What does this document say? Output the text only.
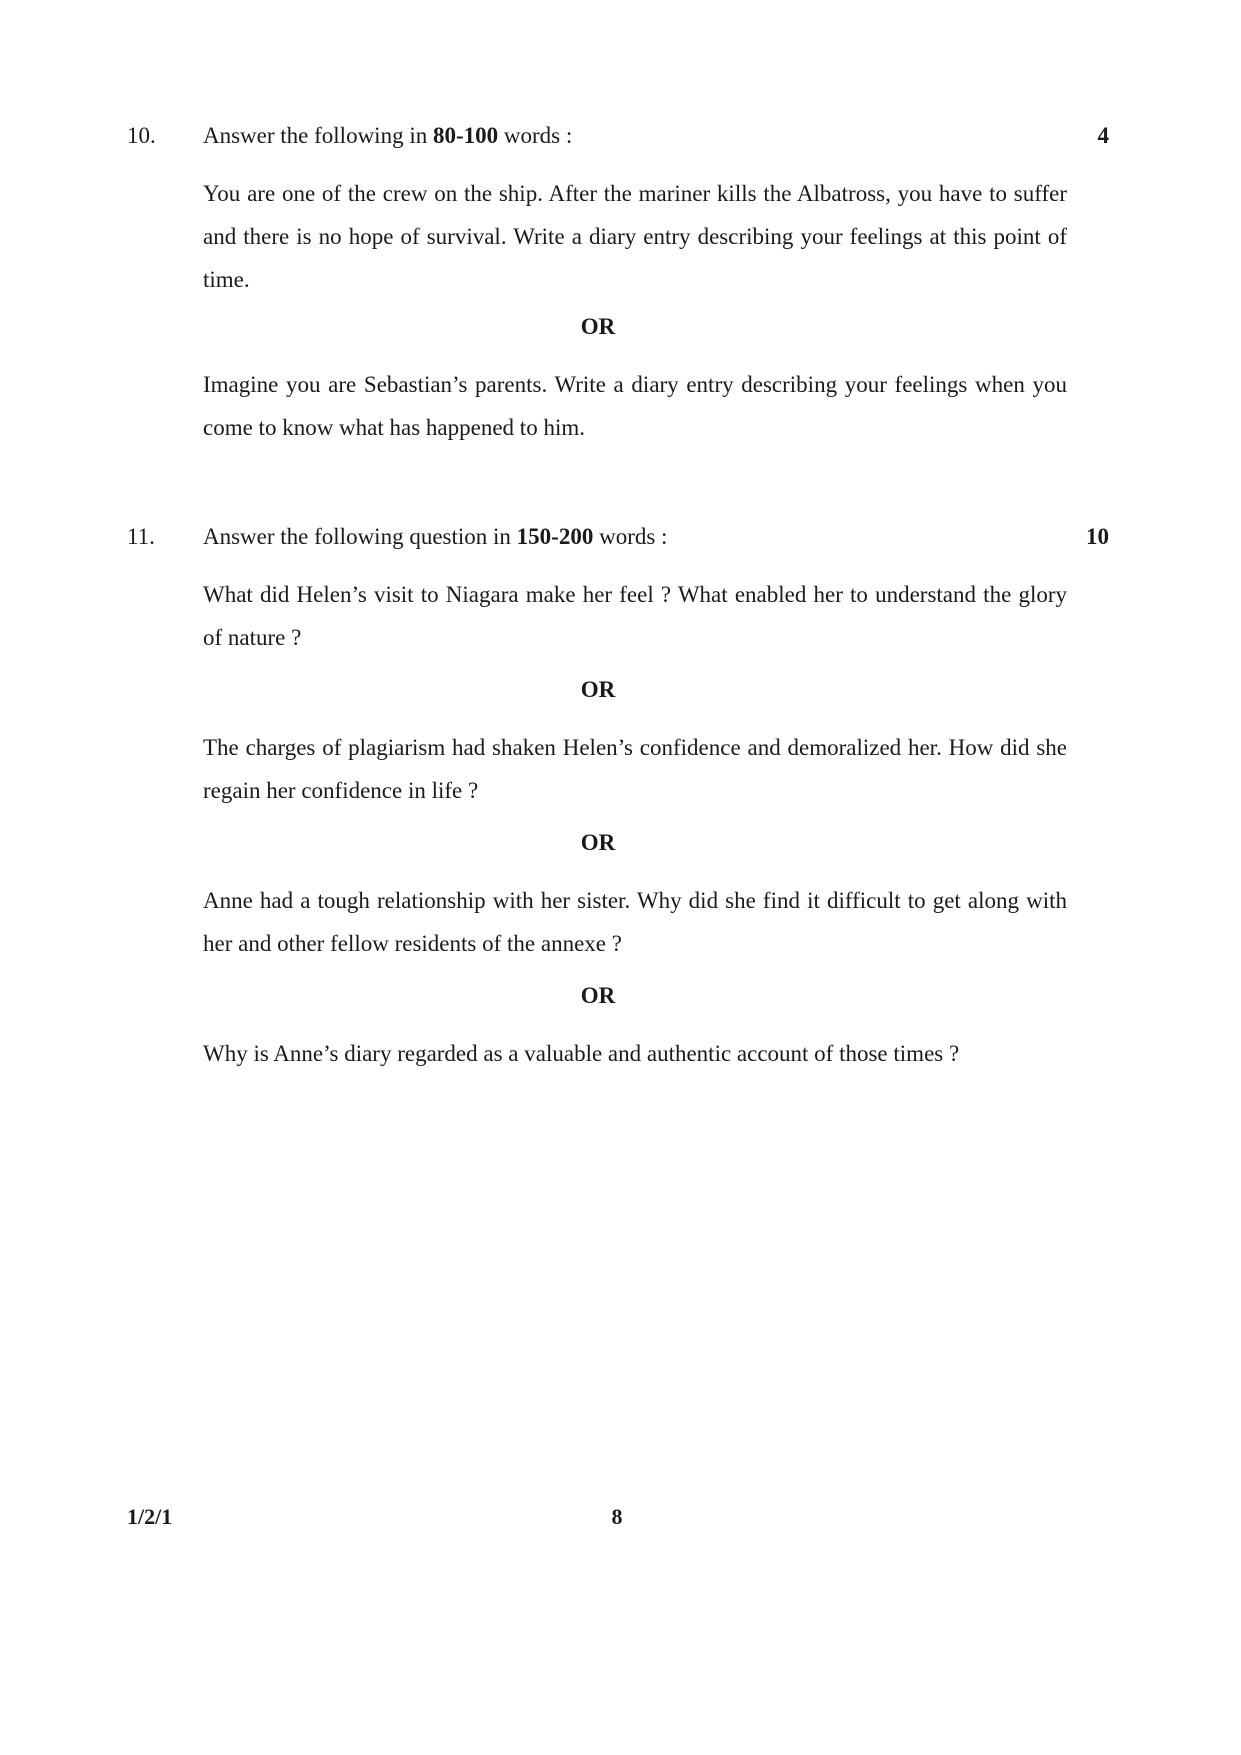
10. Answer the following in 80-100 words :	4

You are one of the crew on the ship. After the mariner kills the Albatross, you have to suffer and there is no hope of survival. Write a diary entry describing your feelings at this point of time.

OR

Imagine you are Sebastian’s parents. Write a diary entry describing your feelings when you come to know what has happened to him.

11. Answer the following question in 150-200 words :	10

What did Helen’s visit to Niagara make her feel ? What enabled her to understand the glory of nature ?

OR

The charges of plagiarism had shaken Helen’s confidence and demoralized her. How did she regain her confidence in life ?

OR

Anne had a tough relationship with her sister. Why did she find it difficult to get along with her and other fellow residents of the annexe ?

OR

Why is Anne’s diary regarded as a valuable and authentic account of those times ?

1/2/1	8
